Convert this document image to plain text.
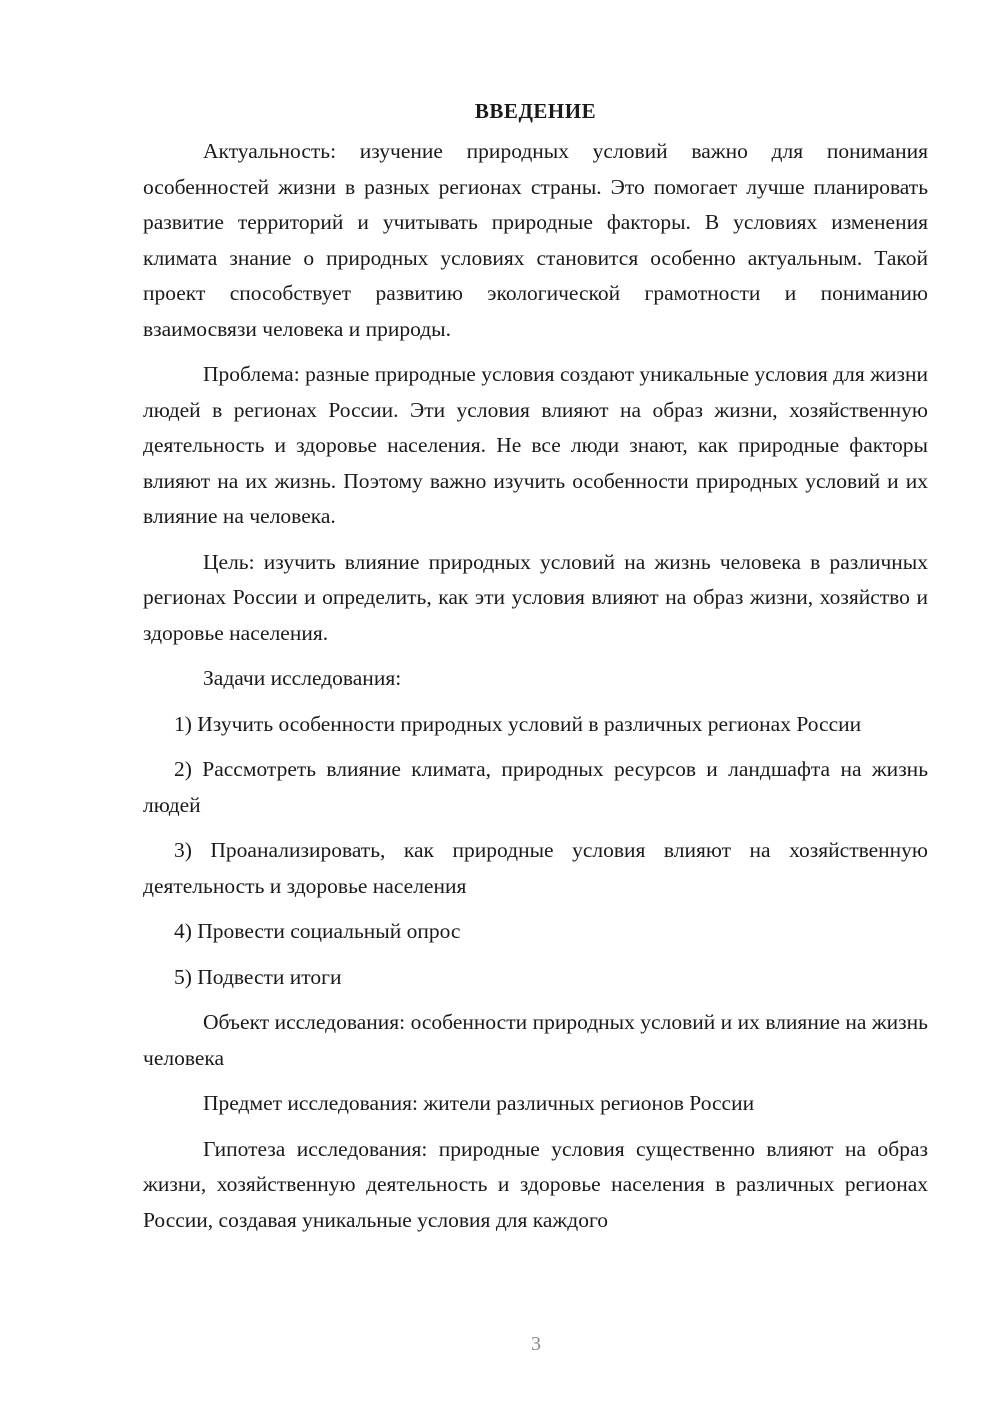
ВВЕДЕНИЕ

Актуальность: изучение природных условий важно для понимания особенностей жизни в разных регионах страны. Это помогает лучше планировать развитие территорий и учитывать природные факторы. В условиях изменения климата знание о природных условиях становится особенно актуальным. Такой проект способствует развитию экологической грамотности и пониманию взаимосвязи человека и природы.

Проблема: разные природные условия создают уникальные условия для жизни людей в регионах России. Эти условия влияют на образ жизни, хозяйственную деятельность и здоровье населения. Не все люди знают, как природные факторы влияют на их жизнь. Поэтому важно изучить особенности природных условий и их влияние на человека.

Цель: изучить влияние природных условий на жизнь человека в различных регионах России и определить, как эти условия влияют на образ жизни, хозяйство и здоровье населения.

Задачи исследования:

1) Изучить особенности природных условий в различных регионах России

2) Рассмотреть влияние климата, природных ресурсов и ландшафта на жизнь людей

3) Проанализировать, как природные условия влияют на хозяйственную деятельность и здоровье населения

4) Провести социальный опрос

5) Подвести итоги

Объект исследования: особенности природных условий и их влияние на жизнь человека

Предмет исследования: жители различных регионов России

Гипотеза исследования: природные условия существенно влияют на образ жизни, хозяйственную деятельность и здоровье населения в различных регионах России, создавая уникальные условия для каждого

3
